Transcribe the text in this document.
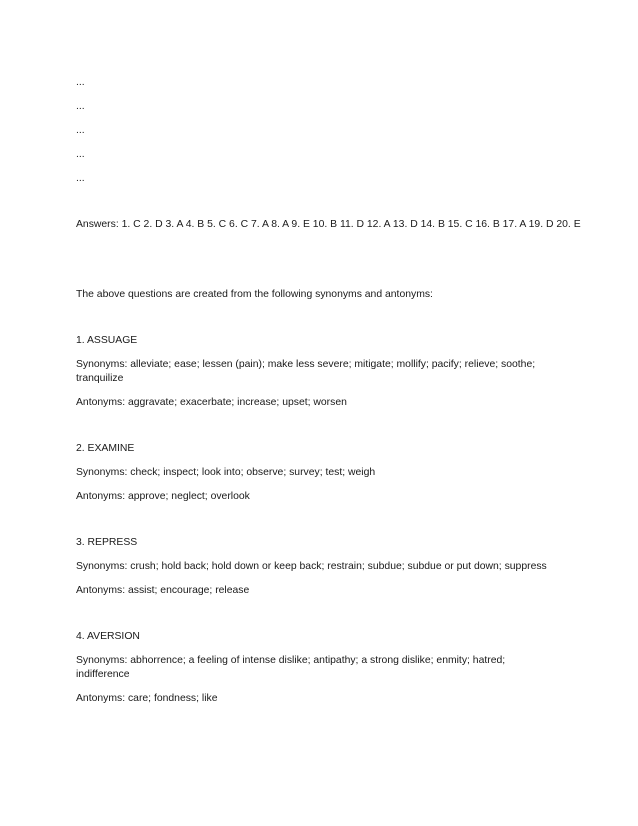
...
...
...
...
...
Answers: 1. C 2. D 3. A 4. B 5. C 6. C 7. A 8. A 9. E 10. B 11. D 12. A 13. D 14. B 15. C 16. B 17. A 19. D 20. E
The above questions are created from the following synonyms and antonyms:
1. ASSUAGE
Synonyms: alleviate; ease; lessen (pain); make less severe; mitigate; mollify; pacify; relieve; soothe; tranquilize
Antonyms: aggravate; exacerbate; increase; upset; worsen
2. EXAMINE
Synonyms: check; inspect; look into; observe; survey; test; weigh
Antonyms: approve; neglect; overlook
3. REPRESS
Synonyms: crush; hold back; hold down or keep back; restrain; subdue; subdue or put down; suppress
Antonyms: assist; encourage; release
4. AVERSION
Synonyms: abhorrence; a feeling of intense dislike; antipathy; a strong dislike; enmity; hatred; indifference
Antonyms: care; fondness; like
